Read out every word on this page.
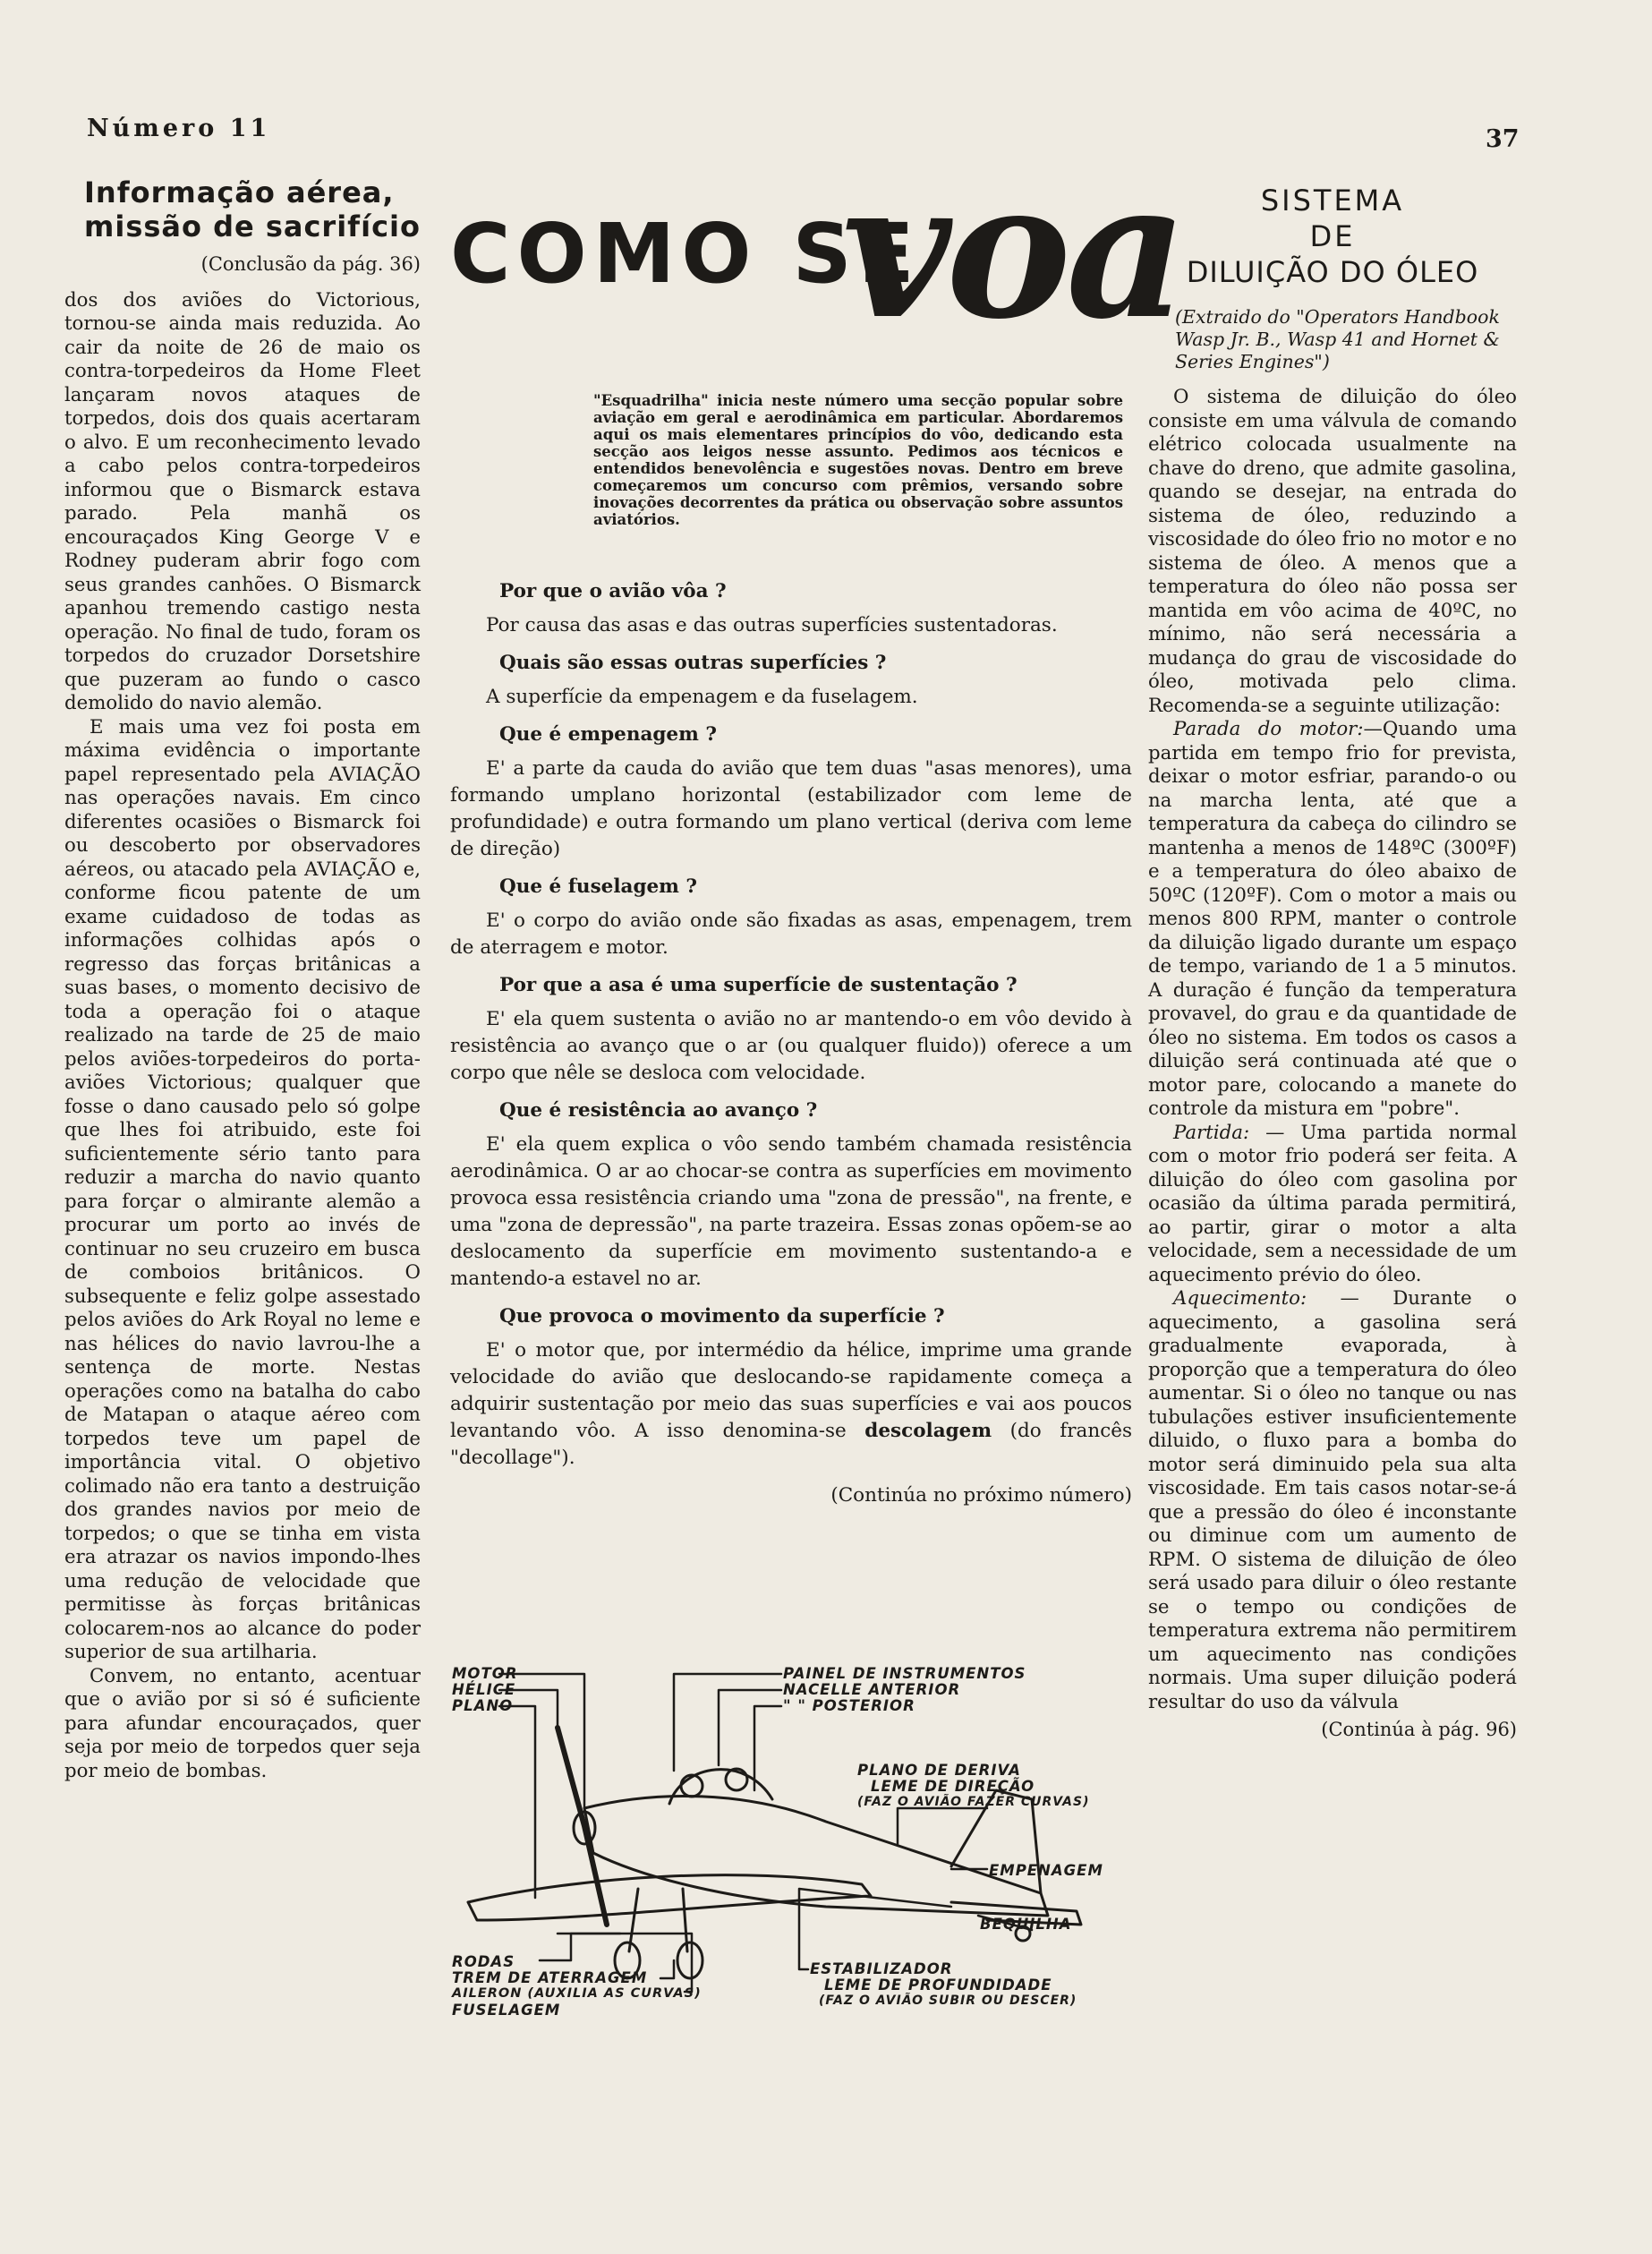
Número 11	37
Informação aérea,
missão de sacrifício
(Conclusão da pág. 36)

dos dos aviões do Victorious, tornou-se ainda mais reduzida. Ao cair da noite de 26 de maio os contra-torpedeiros da Home Fleet lançaram novos ataques de torpedos, dois dos quais acertaram o alvo. E um reconhecimento levado a cabo pelos contra-torpedeiros informou que o Bismarck estava parado. Pela manhã os encouraçados King George V e Rodney puderam abrir fogo com seus grandes canhões. O Bismarck apanhou tremendo castigo nesta operação. No final de tudo, foram os torpedos do cruzador Dorsetshire que puzeram ao fundo o casco demolido do navio alemão.

E mais uma vez foi posta em máxima evidência o importante papel representado pela AVIAÇÃO nas operações navais. Em cinco diferentes ocasiões o Bismarck foi ou descoberto por observadores aéreos, ou atacado pela AVIAÇÃO e, conforme ficou patente de um exame cuidadoso de todas as informações colhidas após o regresso das forças britânicas a suas bases, o momento decisivo de toda a operação foi o ataque realizado na tarde de 25 de maio pelos aviões-torpedeiros do porta-aviões Victorious; qualquer que fosse o dano causado pelo só golpe que lhes foi atribuido, este foi suficientemente sério tanto para reduzir a marcha do navio quanto para forçar o almirante alemão a procurar um porto ao invés de continuar no seu cruzeiro em busca de comboios britânicos. O subsequente e feliz golpe assestado pelos aviões do Ark Royal no leme e nas hélices do navio lavrou-lhe a sentença de morte. Nestas operações como na batalha do cabo de Matapan o ataque aéreo com torpedos teve um papel de importância vital. O objetivo colimado não era tanto a destruição dos grandes navios por meio de torpedos; o que se tinha em vista era atrazar os navios impondo-lhes uma redução de velocidade que permitisse às forças britânicas colocarem-nos ao alcance do poder superior de sua artilharia.

Convem, no entanto, acentuar que o avião por si só é suficiente para afundar encouraçados, quer seja por meio de torpedos quer seja por meio de bombas.

COMO SE
voa
"Esquadrilha" inicia neste número uma secção popular sobre aviação em geral e aerodinâmica em particular. Abordaremos aqui os mais elementares princípios do vôo, dedicando esta secção aos leigos nesse assunto. Pedimos aos técnicos e entendidos benevolência e sugestões novas. Dentro em breve começaremos um concurso com prêmios, versando sobre inovações decorrentes da prática ou observação sobre assuntos aviatórios.
Por que o avião vôa ?
Por causa das asas e das outras superfícies sustentadoras.
Quais são essas outras superfícies ?
A superfície da empenagem e da fuselagem.
Que é empenagem ?
E' a parte da cauda do avião que tem duas "asas menores), uma formando umplano horizontal (estabilizador com leme de profundidade) e outra formando um plano vertical (deriva com leme de direção)
Que é fuselagem ?
E' o corpo do avião onde são fixadas as asas, empenagem, trem de aterragem e motor.
Por que a asa é uma superfície de sustentação ?
E' ela quem sustenta o avião no ar mantendo-o em vôo devido à resistência ao avanço que o ar (ou qualquer fluido)) oferece a um corpo que nêle se desloca com velocidade.
Que é resistência ao avanço ?
E' ela quem explica o vôo sendo também chamada resistência aerodinâmica. O ar ao chocar-se contra as superfícies em movimento provoca essa resistência criando uma "zona de pressão", na frente, e uma "zona de depressão", na parte trazeira. Essas zonas opõem-se ao deslocamento da superfície em movimento sustentando-a e mantendo-a estavel no ar.
Que provoca o movimento da superfície ?
E' o motor que, por intermédio da hélice, imprime uma grande velocidade do avião que deslocando-se rapidamente começa a adquirir sustentação por meio das suas superfícies e vai aos poucos levantando vôo. A isso denomina-se descolagem (do francês "decollage").
(Continúa no próximo número)
MOTOR
HÉLICE
PLANO
PAINEL DE INSTRUMENTOS
NACELLE ANTERIOR
" " POSTERIOR
PLANO DE DERIVA
LEME DE DIREÇÃO
(FAZ O AVIÃO FAZER CURVAS)
EMPENAGEM
BEQUILHA
RODAS
TREM DE ATERRAGEM
AILERON (AUXILIA AS CURVAS)
FUSELAGEM
ESTABILIZADOR
LEME DE PROFUNDIDADE
(FAZ O AVIÃO SUBIR OU DESCER)
SISTEMA
DE
DILUIÇÃO DO ÓLEO
(Extraido do "Operators Handbook Wasp Jr. B., Wasp 41 and Hornet & Series Engines")

O sistema de diluição do óleo consiste em uma válvula de comando elétrico colocada usualmente na chave do dreno, que admite gasolina, quando se desejar, na entrada do sistema de óleo, reduzindo a viscosidade do óleo frio no motor e no sistema de óleo. A menos que a temperatura do óleo não possa ser mantida em vôo acima de 40ºC, no mínimo, não será necessária a mudança do grau de viscosidade do óleo, motivada pelo clima. Recomenda-se a seguinte utilização:

Parada do motor:—Quando uma partida em tempo frio for prevista, deixar o motor esfriar, parando-o ou na marcha lenta, até que a temperatura da cabeça do cilindro se mantenha a menos de 148ºC (300ºF) e a temperatura do óleo abaixo de 50ºC (120ºF). Com o motor a mais ou menos 800 RPM, manter o controle da diluição ligado durante um espaço de tempo, variando de 1 a 5 minutos. A duração é função da temperatura provavel, do grau e da quantidade de óleo no sistema. Em todos os casos a diluição será continuada até que o motor pare, colocando a manete do controle da mistura em "pobre".

Partida: — Uma partida normal com o motor frio poderá ser feita. A diluição do óleo com gasolina por ocasião da última parada permitirá, ao partir, girar o motor a alta velocidade, sem a necessidade de um aquecimento prévio do óleo.

Aquecimento: — Durante o aquecimento, a gasolina será gradualmente evaporada, à proporção que a temperatura do óleo aumentar. Si o óleo no tanque ou nas tubulações estiver insuficientemente diluido, o fluxo para a bomba do motor será diminuido pela sua alta viscosidade. Em tais casos notar-se-á que a pressão do óleo é inconstante ou diminue com um aumento de RPM. O sistema de diluição de óleo será usado para diluir o óleo restante se o tempo ou condições de temperatura extrema não permitirem um aquecimento nas condições normais. Uma super diluição poderá resultar do uso da válvula

(Continúa à pág. 96)
